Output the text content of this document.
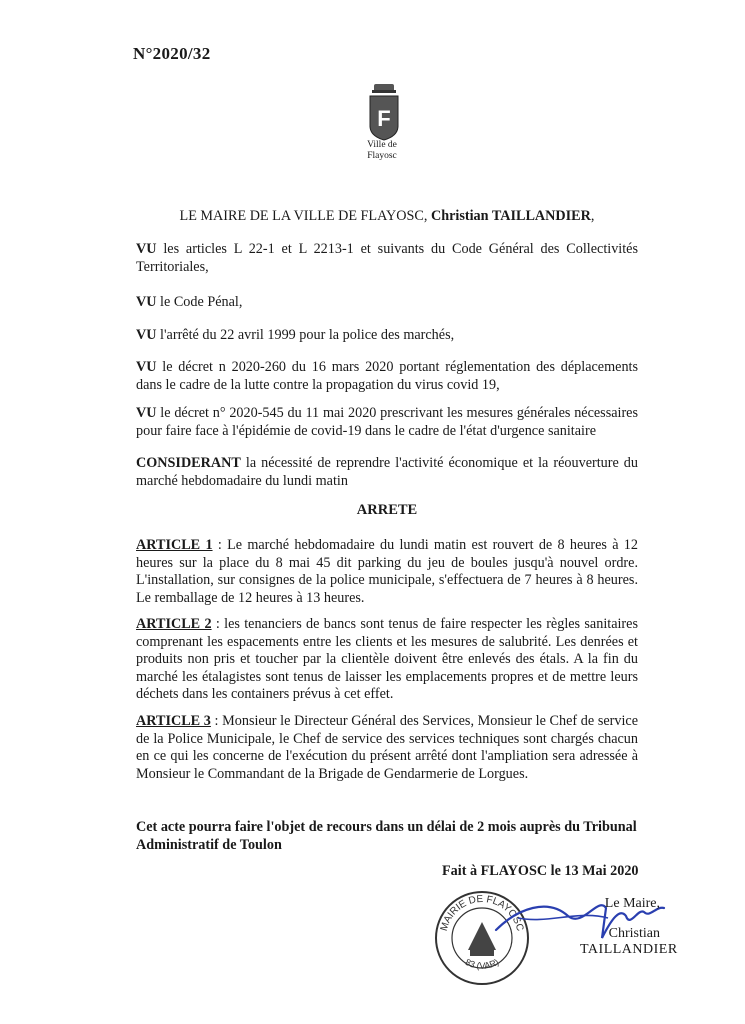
N°2020/32
F
Ville de
Flayosc
LE MAIRE DE LA VILLE DE FLAYOSC, Christian TAILLANDIER,
VU les articles L 22-1 et L 2213-1 et suivants du Code Général des Collectivités Territoriales,
VU le Code Pénal,
VU l'arrêté du 22 avril 1999 pour la police des marchés,
VU le décret n 2020-260 du 16 mars 2020 portant réglementation des déplacements dans le cadre de la lutte contre la propagation du virus covid 19,
VU le décret n° 2020-545 du 11 mai 2020 prescrivant les mesures générales nécessaires pour faire face à l'épidémie de covid-19 dans le cadre de l'état d'urgence sanitaire
CONSIDERANT la nécessité de reprendre l'activité économique et la réouverture du marché hebdomadaire du lundi matin
ARRETE
ARTICLE 1 : Le marché hebdomadaire du lundi matin est rouvert de 8 heures à 12 heures sur la place du 8 mai 45 dit parking du jeu de boules jusqu'à nouvel ordre. L'installation, sur consignes de la police municipale, s'effectuera de 7 heures à 8 heures. Le remballage de 12 heures à 13 heures.
ARTICLE 2 : les tenanciers de bancs sont tenus de faire respecter les règles sanitaires comprenant les espacements entre les clients et les mesures de salubrité. Les denrées et produits non pris et toucher par la clientèle doivent être enlevés des étals. A la fin du marché les étalagistes sont tenus de laisser les emplacements propres et de mettre leurs déchets dans les containers prévus à cet effet.
ARTICLE 3 : Monsieur le Directeur Général des Services, Monsieur le Chef de service de la Police Municipale, le Chef de service des services techniques sont chargés chacun en ce qui les concerne de l'exécution du présent arrêté dont l'ampliation sera adressée à Monsieur le Commandant de la Brigade de Gendarmerie de Lorgues.
Cet acte pourra faire l'objet de recours dans un délai de 2 mois auprès du Tribunal Administratif de Toulon
Fait à FLAYOSC le 13 Mai 2020
MAIRIE DE FLAYOSC
83 (VAR)
Le Maire,
Christian
TAILLANDIER
